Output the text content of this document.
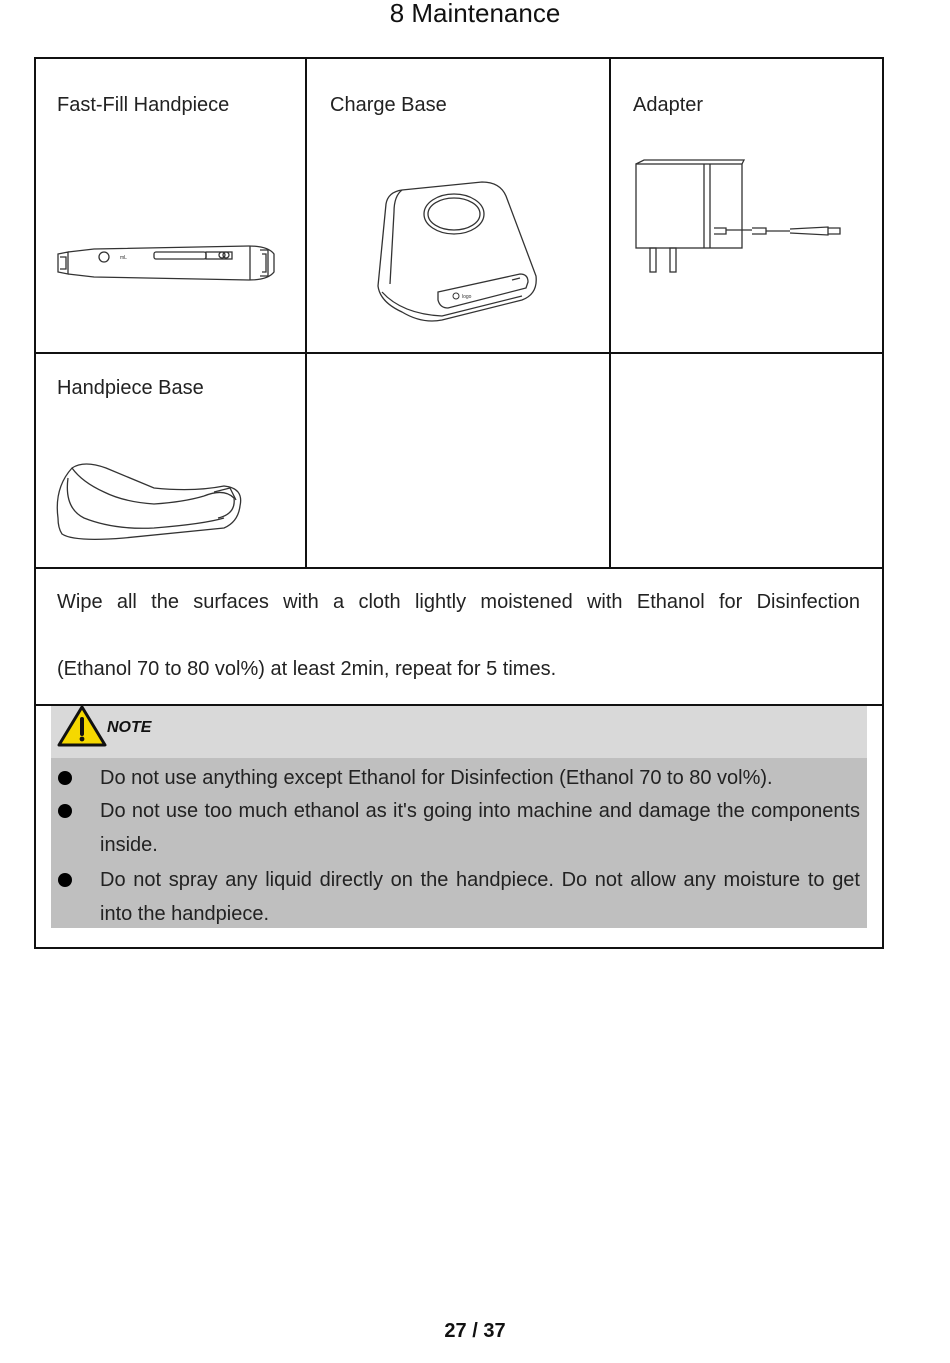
8 Maintenance
Fast-Fill Handpiece	Charge Base	Adapter
Handpiece Base
mL
logo
Wipe all the surfaces with a cloth lightly moistened with Ethanol for Disinfection
(Ethanol 70 to 80 vol%) at least 2min, repeat for 5 times.
NOTE
Do not use anything except Ethanol for Disinfection (Ethanol 70 to 80 vol%).
Do not use too much ethanol as it's going into machine and damage the components inside.
Do not spray any liquid directly on the handpiece. Do not allow any moisture to get into the handpiece.
27 / 37
